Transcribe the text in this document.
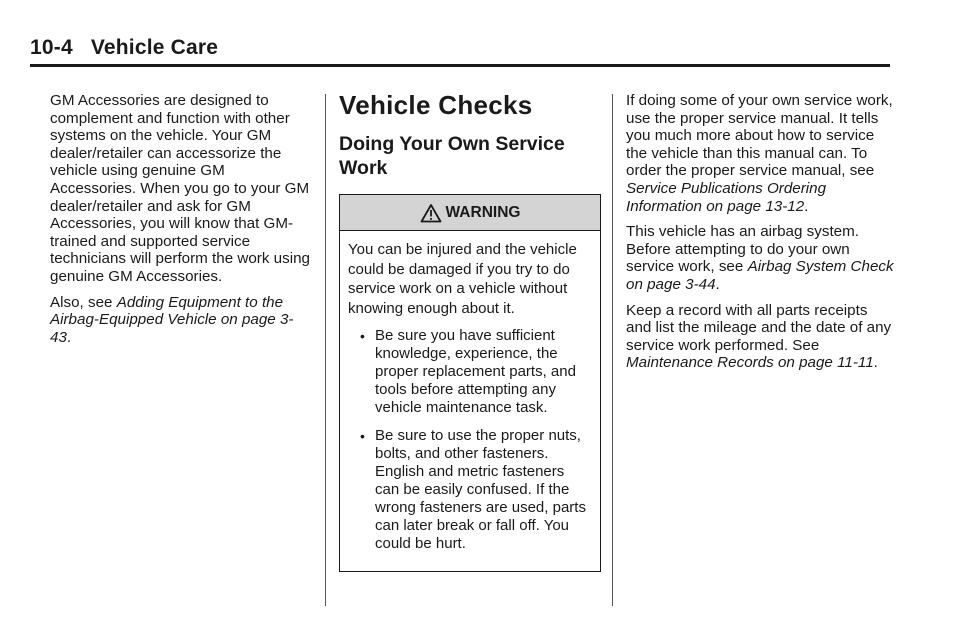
10-4 Vehicle Care

GM Accessories are designed to complement and function with other systems on the vehicle. Your GM dealer/retailer can accessorize the vehicle using genuine GM Accessories. When you go to your GM dealer/retailer and ask for GM Accessories, you will know that GM-trained and supported service technicians will perform the work using genuine GM Accessories.

Also, see Adding Equipment to the Airbag-Equipped Vehicle on page 3-43.

Vehicle Checks
Doing Your Own Service Work
WARNING

You can be injured and the vehicle could be damaged if you try to do service work on a vehicle without knowing enough about it.

• Be sure you have sufficient knowledge, experience, the proper replacement parts, and tools before attempting any vehicle maintenance task.
• Be sure to use the proper nuts, bolts, and other fasteners. English and metric fasteners can be easily confused. If the wrong fasteners are used, parts can later break or fall off. You could be hurt.

If doing some of your own service work, use the proper service manual. It tells you much more about how to service the vehicle than this manual can. To order the proper service manual, see Service Publications Ordering Information on page 13-12.

This vehicle has an airbag system. Before attempting to do your own service work, see Airbag System Check on page 3-44.

Keep a record with all parts receipts and list the mileage and the date of any service work performed. See Maintenance Records on page 11-11.
